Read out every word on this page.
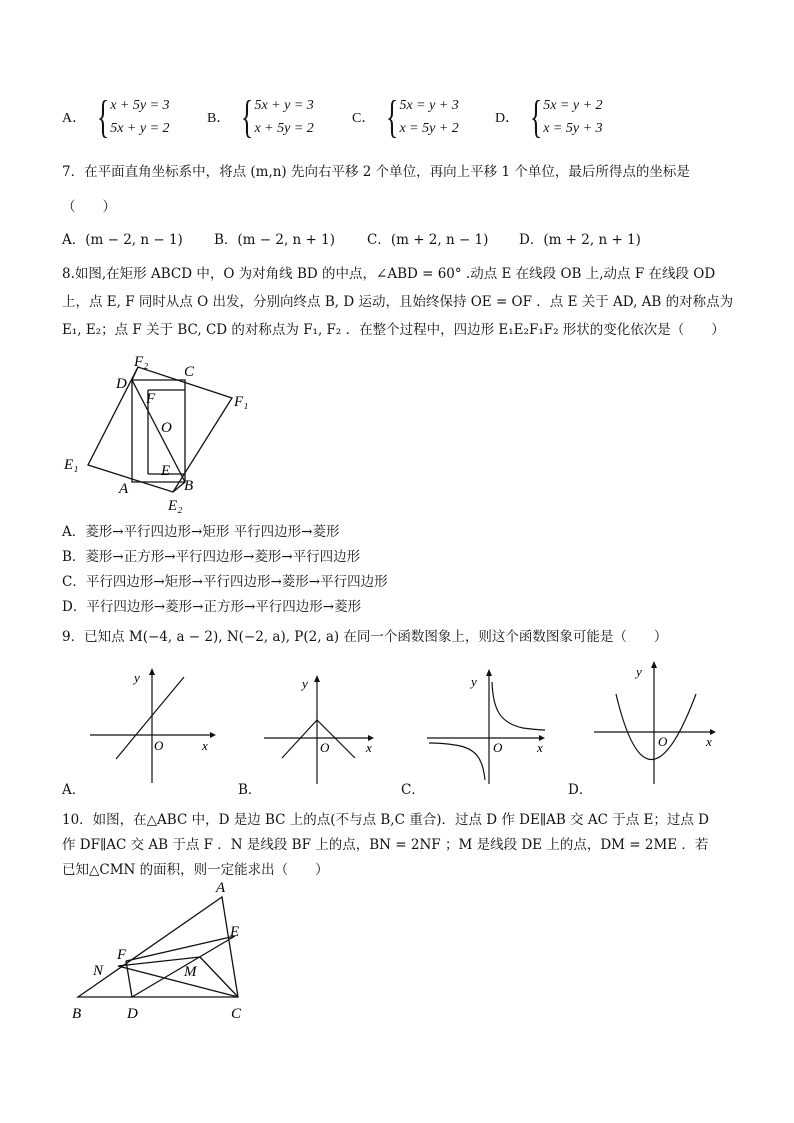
A． { x + 5y = 3
5x + y = 2
B． { 5x + y = 3
x + 5y = 2
C． { 5x = y + 3
x = 5y + 2
D． { 5x = y + 2
x = 5y + 3
7．在平面直角坐标系中，将点 (m,n) 先向右平移 2 个单位，再向上平移 1 个单位，最后所得点的坐标是
（　　）
A．(m − 2, n − 1) B．(m − 2, n + 1) C．(m + 2, n − 1) D．(m + 2, n + 1)
8.如图,在矩形 ABCD 中，O 为对角线 BD 的中点，∠ABD = 60° .动点 E 在线段 OB 上,动点 F 在线段 OD
上，点 E, F 同时从点 O 出发，分别向终点 B, D 运动，且始终保持 OE = OF ．点 E 关于 AD, AB 的对称点为
E₁, E₂；点 F 关于 BC, CD 的对称点为 F₁, F₂ ．在整个过程中，四边形 E₁E₂F₁F₂ 形状的变化依次是（　　）
D
F₂
C
F₁
F
O
E₁	E
A	B
E₂
A．菱形→平行四边形→矩形 平行四边形→菱形
B．菱形→正方形→平行四边形→菱形→平行四边形
C．平行四边形→矩形→平行四边形→菱形→平行四边形
D．平行四边形→菱形→正方形→平行四边形→菱形
9．已知点 M(−4, a − 2), N(−2, a), P(2, a) 在同一个函数图象上，则这个函数图象可能是（　　）
O	x
y
A．
O	x
y
B．
O	x
y
C．
O	x
y
D．
10．如图，在△ABC 中，D 是边 BC 上的点(不与点 B,C 重合)．过点 D 作 DE∥AB 交 AC 于点 E；过点 D
作 DF∥AC 交 AB 于点 F ．N 是线段 BF 上的点，BN = 2NF ；M 是线段 DE 上的点，DM = 2ME ．若
已知△CMN 的面积，则一定能求出（　　）
A
E
F
N	M
B	D	C
